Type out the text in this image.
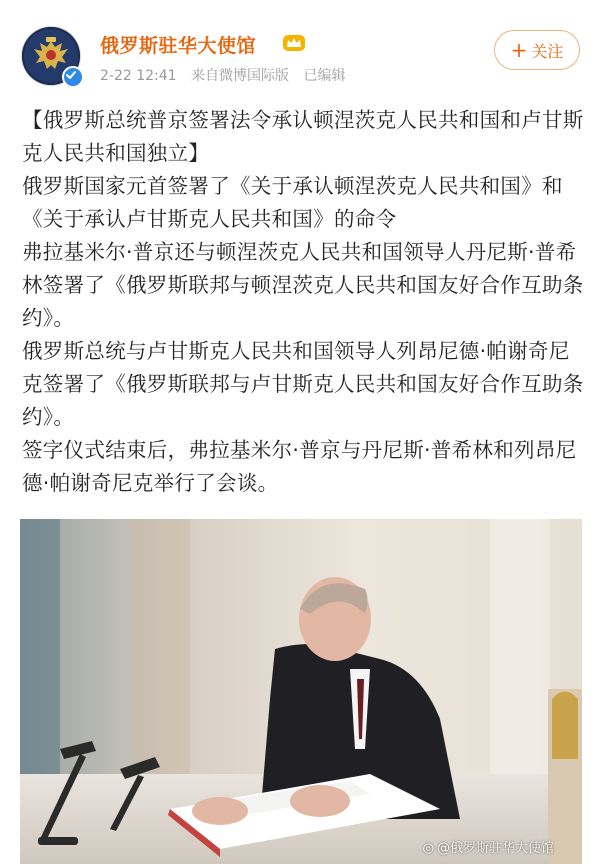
俄罗斯驻华大使馆
2-22 12:41 来自微博国际版 已编辑
+ 关注

【俄罗斯总统普京签署法令承认顿涅茨克人民共和国和卢甘斯克人民共和国独立】

俄罗斯国家元首签署了《关于承认顿涅茨克人民共和国》和《关于承认卢甘斯克人民共和国》的命令

弗拉基米尔·普京还与顿涅茨克人民共和国领导人丹尼斯·普希林签署了《俄罗斯联邦与顿涅茨克人民共和国友好合作互助条约》。

俄罗斯总统与卢甘斯克人民共和国领导人列昂尼德·帕谢奇尼克签署了《俄罗斯联邦与卢甘斯克人民共和国友好合作互助条约》。

签字仪式结束后，弗拉基米尔·普京与丹尼斯·普希林和列昂尼德·帕谢奇尼克举行了会谈。

◎ @俄罗斯驻华大使馆
